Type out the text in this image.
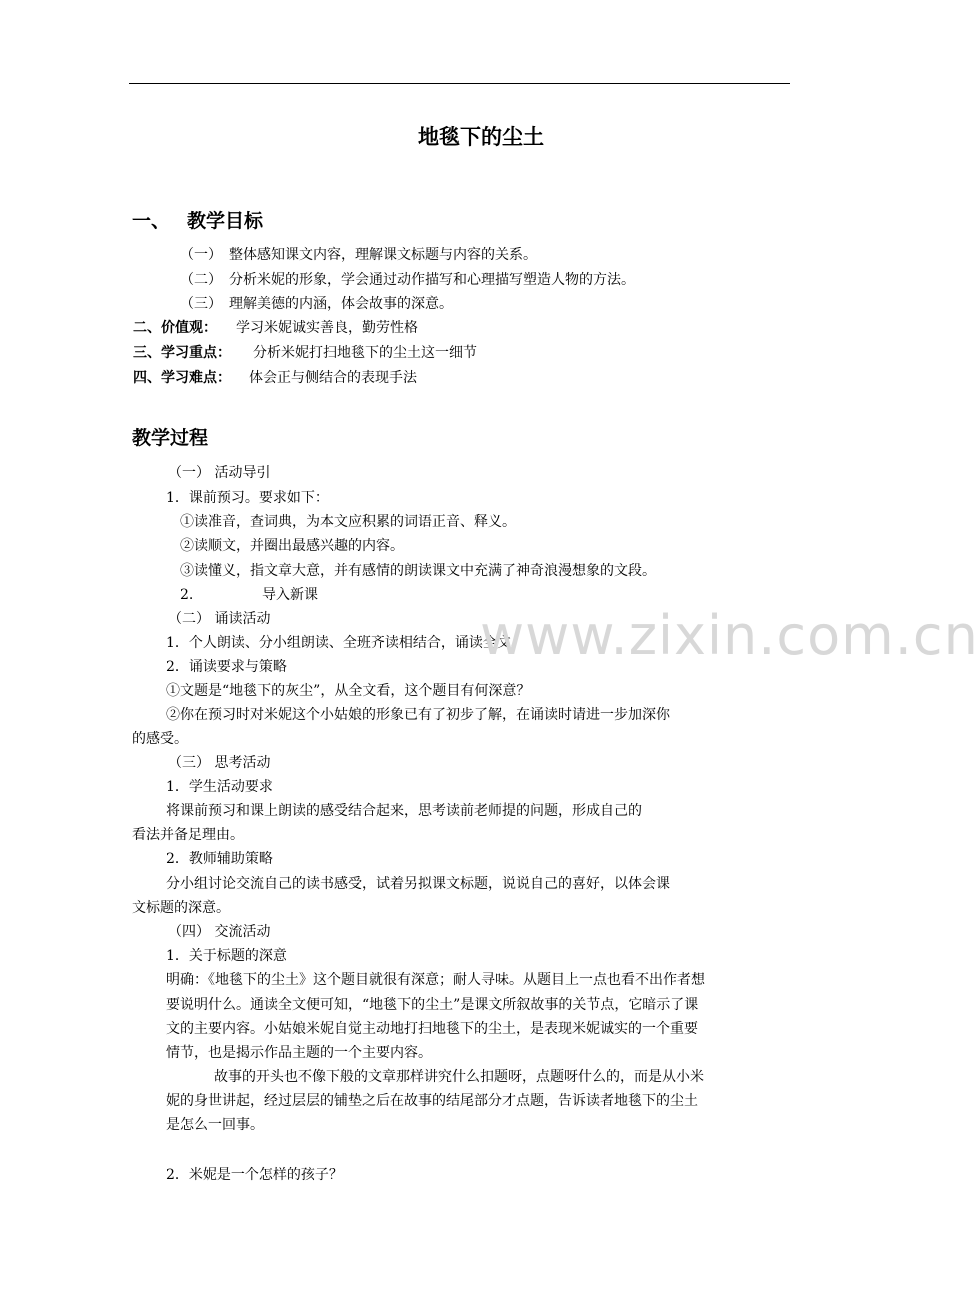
地毯下的尘土
一、 教学目标
（一） 整体感知课文内容，理解课文标题与内容的关系。
（二） 分析米妮的形象，学会通过动作描写和心理描写塑造人物的方法。
（三） 理解美德的内涵，体会故事的深意。
二、价值观： 学习米妮诚实善良，勤劳性格
三、学习重点： 分析米妮打扫地毯下的尘土这一细节
四、学习难点： 体会正与侧结合的表现手法
教学过程
（一） 活动导引
1．课前预习。要求如下：
①读准音，查词典，为本文应积累的词语正音、释义。
②读顺文，并圈出最感兴趣的内容。
③读懂义，指文章大意，并有感情的朗读课文中充满了神奇浪漫想象的文段。
2.	导入新课
（二） 诵读活动
1．个人朗读、分小组朗读、全班齐读相结合，诵读全文。
2．诵读要求与策略
①文题是“地毯下的灰尘”，从全文看，这个题目有何深意？
②你在预习时对米妮这个小姑娘的形象已有了初步了解，在诵读时请进一步加深你
的感受。
（三） 思考活动
1．学生活动要求
将课前预习和课上朗读的感受结合起来，思考读前老师提的问题，形成自己的
看法并备足理由。
2．教师辅助策略
分小组讨论交流自己的读书感受，试着另拟课文标题，说说自己的喜好，以体会课
文标题的深意。
（四） 交流活动
1．关于标题的深意
明确：《地毯下的尘土》这个题目就很有深意；耐人寻味。从题目上一点也看不出作者想
要说明什么。通读全文便可知，“地毯下的尘土”是课文所叙故事的关节点，它暗示了课
文的主要内容。小姑娘米妮自觉主动地打扫地毯下的尘土，是表现米妮诚实的一个重要
情节，也是揭示作品主题的一个主要内容。
故事的开头也不像下般的文章那样讲究什么扣题呀，点题呀什么的，而是从小米
妮的身世讲起，经过层层的铺垫之后在故事的结尾部分才点题，告诉读者地毯下的尘土
是怎么一回事。
2．米妮是一个怎样的孩子？
www.zixin.com.cn
